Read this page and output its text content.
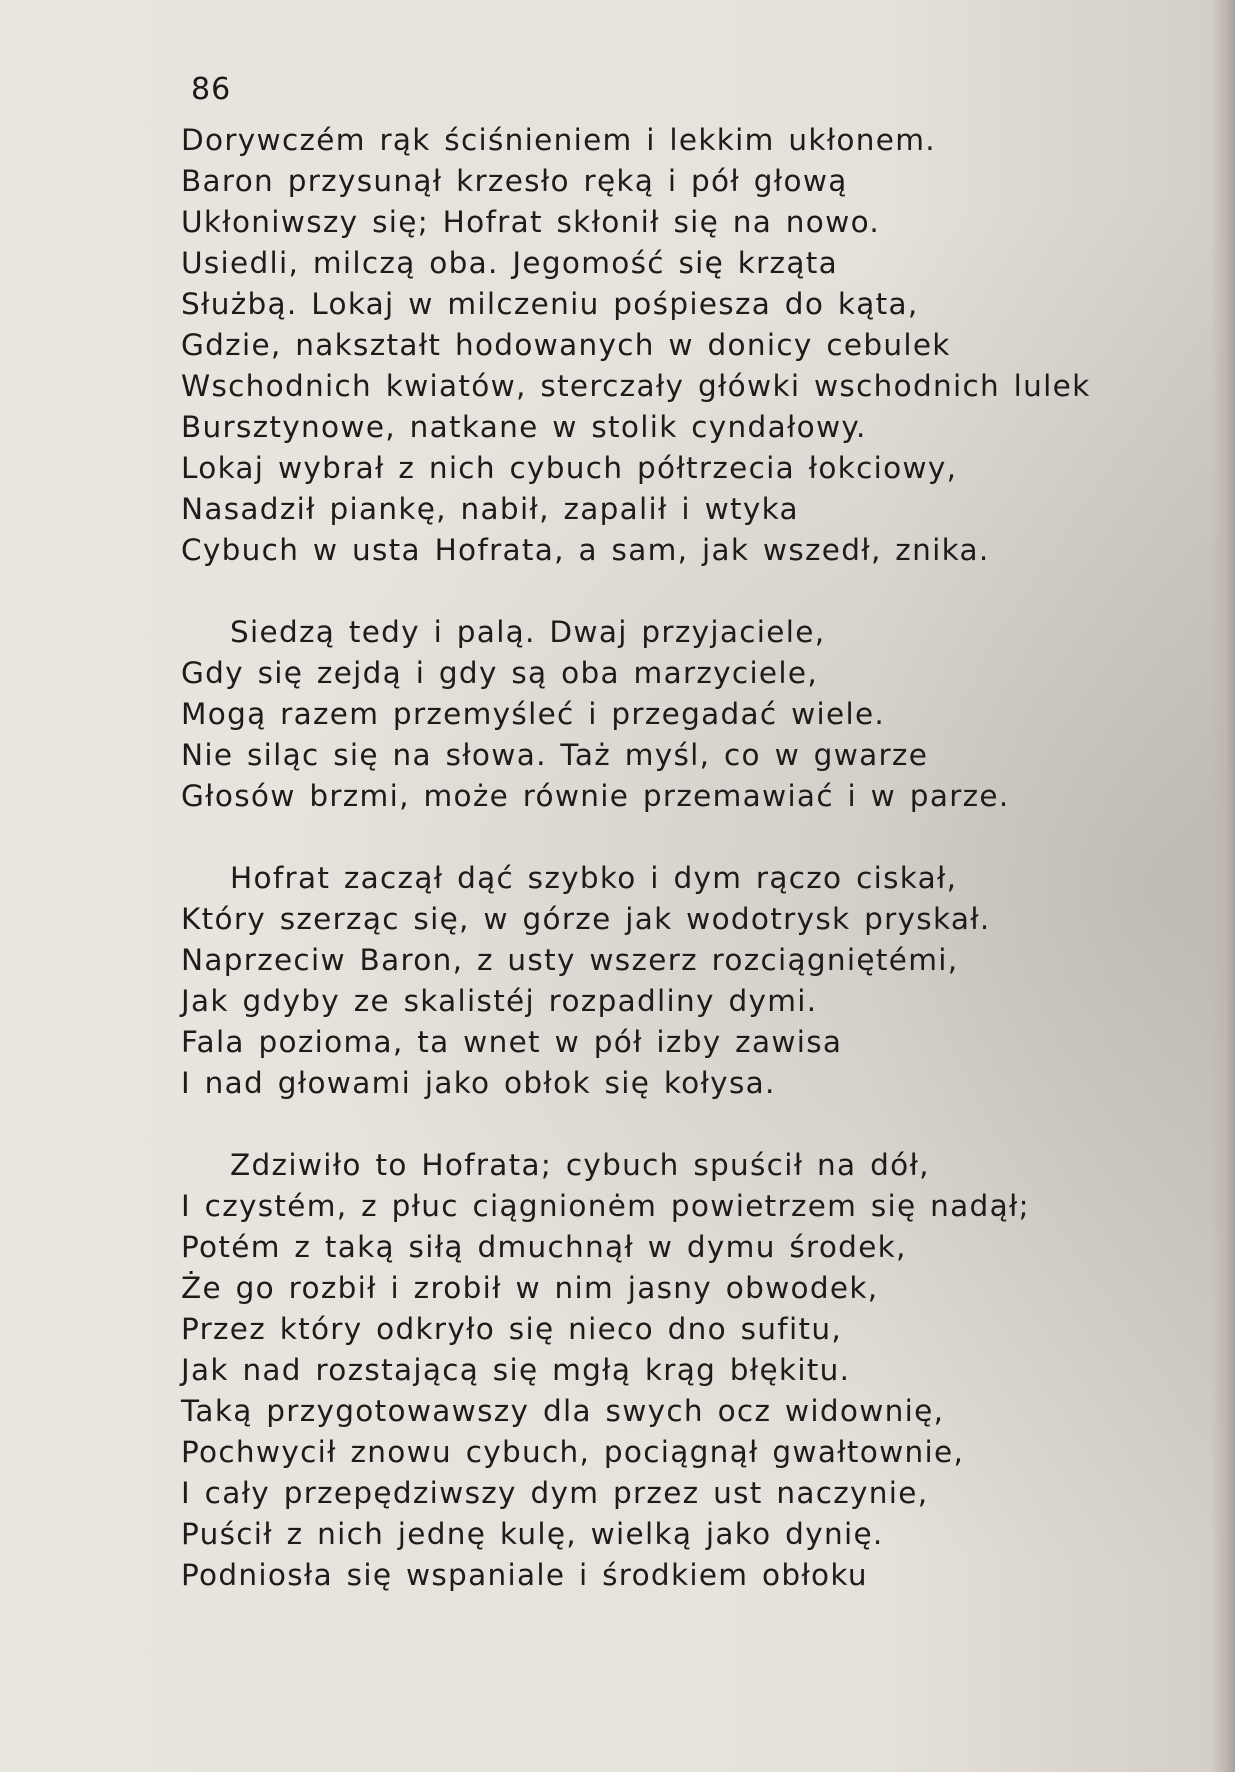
86
Dorywczém rąk ściśnieniem i lekkim ukłonem.
Baron przysunął krzesło ręką i pół głową
Ukłoniwszy się; Hofrat skłonił się na nowo.
Usiedli, milczą oba. Jegomość się krząta
Służbą. Lokaj w milczeniu pośpiesza do kąta,
Gdzie, nakształt hodowanych w donicy cebulek
Wschodnich kwiatów, sterczały główki wschodnich lulek
Bursztynowe, natkane w stolik cyndałowy.
Lokaj wybrał z nich cybuch półtrzecia łokciowy,
Nasadził piankę, nabił, zapalił i wtyka
Cybuch w usta Hofrata, a sam, jak wszedł, znika.
Siedzą tedy i palą. Dwaj przyjaciele,
Gdy się zejdą i gdy są oba marzyciele,
Mogą razem przemyśleć i przegadać wiele.
Nie siląc się na słowa. Taż myśl, co w gwarze
Głosów brzmi, może równie przemawiać i w parze.
Hofrat zaczął dąć szybko i dym rączo ciskał,
Który szerząc się, w górze jak wodotrysk pryskał.
Naprzeciw Baron, z usty wszerz rozciągniętémi,
Jak gdyby ze skalistéj rozpadliny dymi.
Fala pozioma, ta wnet w pół izby zawisa
I nad głowami jako obłok się kołysa.
Zdziwiło to Hofrata; cybuch spuścił na dół,
I czystém, z płuc ciągnionėm powietrzem się nadął;
Potém z taką siłą dmuchnął w dymu środek,
Że go rozbił i zrobił w nim jasny obwodek,
Przez który odkryło się nieco dno sufitu,
Jak nad rozstającą się mgłą krąg błękitu.
Taką przygotowawszy dla swych ocz widownię,
Pochwycił znowu cybuch, pociągnął gwałtownie,
I cały przepędziwszy dym przez ust naczynie,
Puścił z nich jednę kulę, wielką jako dynię.
Podniosła się wspaniale i środkiem obłoku
